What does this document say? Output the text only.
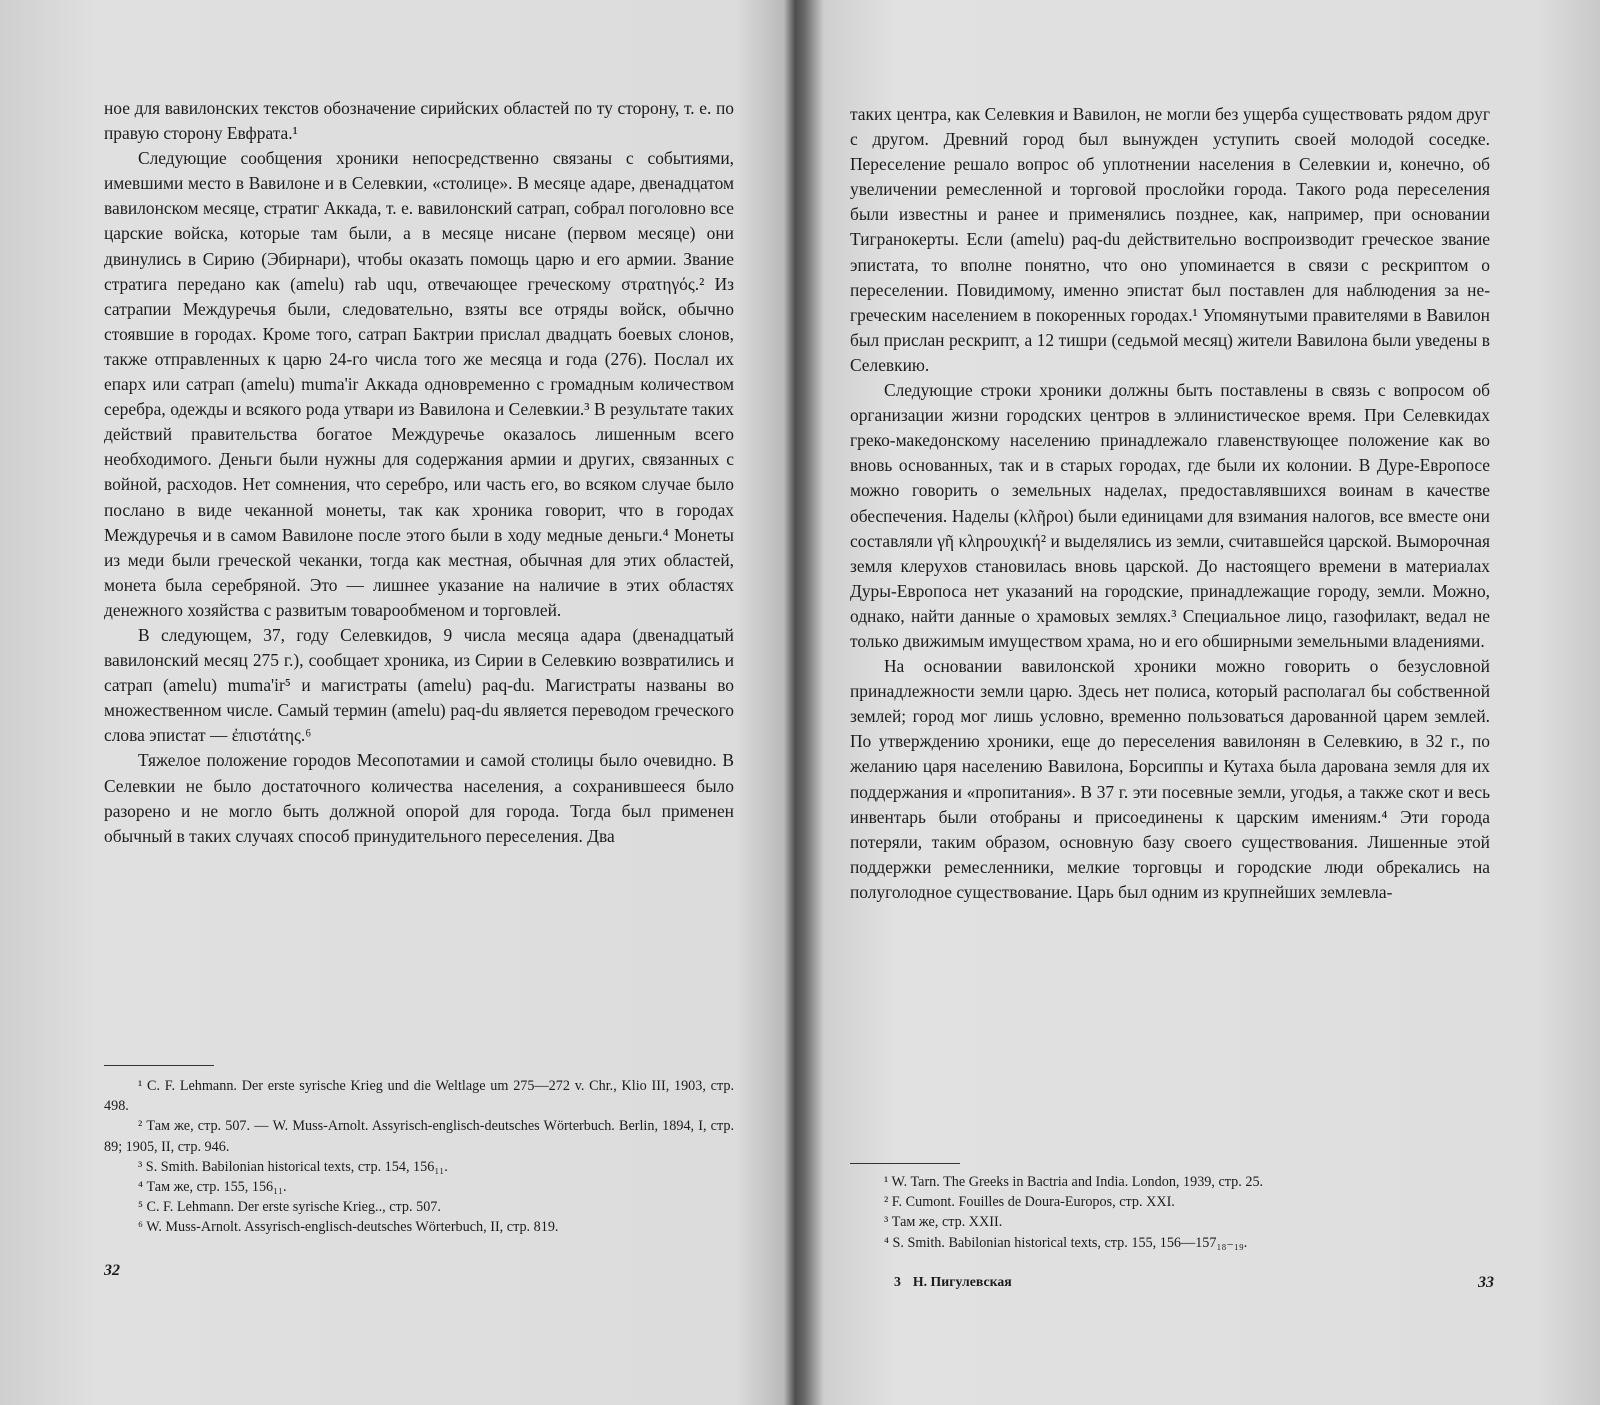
ное для вавилонских текстов обозначение сирийских областей по ту сторону, т. е. по правую сторону Евфрата.¹

Следующие сообщения хроники непосредственно связаны с событиями, имевшими место в Вавилоне и в Селевкии, «столице». В месяце адаре, двенадцатом вавилонском месяце, стратиг Аккада, т. е. вавилонский сатрап, собрал поголовно все царские войска, которые там были, а в месяце нисане (первом месяце) они двинулись в Сирию (Эбирнари), чтобы оказать помощь царю и его армии. Звание стратига передано как (amelu) rab uqu, отвечающее греческому στρατηγός.² Из сатрапии Междуречья были, следовательно, взяты все отряды войск, обычно стоявшие в городах. Кроме того, сатрап Бактрии прислал двадцать боевых слонов, также отправленных к царю 24-го числа того же месяца и года (276). Послал их епарх или сатрап (amelu) muma'ir Аккада одновременно с громадным количеством серебра, одежды и всякого рода утвари из Вавилона и Селевкии.³ В результате таких действий правительства богатое Междуречье оказалось лишенным всего необходимого. Деньги были нужны для содержания армии и других, связанных с войной, расходов. Нет сомнения, что серебро, или часть его, во всяком случае было послано в виде чеканной монеты, так как хроника говорит, что в городах Междуречья и в самом Вавилоне после этого были в ходу медные деньги.⁴ Монеты из меди были греческой чеканки, тогда как местная, обычная для этих областей, монета была серебряной. Это — лишнее указание на наличие в этих областях денежного хозяйства с развитым товарообменом и торговлей.

В следующем, 37, году Селевкидов, 9 числа месяца адара (двенадцатый вавилонский месяц 275 г.), сообщает хроника, из Сирии в Селевкию возвратились и сатрап (amelu) muma'ir⁵ и магистраты (amelu) paq-du. Магистраты названы во множественном числе. Самый термин (amelu) paq-du является переводом греческого слова эпистат — ἐπιστάτης.⁶

Тяжелое положение городов Месопотамии и самой столицы было очевидно. В Селевкии не было достаточного количества населения, а сохранившееся было разорено и не могло быть должной опорой для города. Тогда был применен обычный в таких случаях способ принудительного переселения. Два

¹ C. F. Lehmann. Der erste syrische Krieg und die Weltlage um 275—272 v. Chr., Klio III, 1903, стр. 498.

² Там же, стр. 507. — W. Muss-Arnolt. Assyrisch-englisch-deutsches Wörterbuch. Berlin, 1894, I, стр. 89; 1905, II, стр. 946.

³ S. Smith. Babilonian historical texts, стр. 154, 156₁₁.

⁴ Там же, стр. 155, 156₁₁.

⁵ C. F. Lehmann. Der erste syrische Krieg.., стр. 507.

⁶ W. Muss-Arnolt. Assyrisch-englisch-deutsches Wörterbuch, II, стр. 819.

32

таких центра, как Селевкия и Вавилон, не могли без ущерба существовать рядом друг с другом. Древний город был вынужден уступить своей молодой соседке. Переселение решало вопрос об уплотнении населения в Селевкии и, конечно, об увеличении ремесленной и торговой прослойки города. Такого рода переселения были известны и ранее и применялись позднее, как, например, при основании Тигранокерты. Если (amelu) paq-du действительно воспроизводит греческое звание эпистата, то вполне понятно, что оно упоминается в связи с рескриптом о переселении. Повидимому, именно эпистат был поставлен для наблюдения за не-греческим населением в покоренных городах.¹ Упомянутыми правителями в Вавилон был прислан рескрипт, а 12 тишри (седьмой месяц) жители Вавилона были уведены в Селевкию.

Следующие строки хроники должны быть поставлены в связь с вопросом об организации жизни городских центров в эллинистическое время. При Селевкидах греко-македонскому населению принадлежало главенствующее положение как во вновь основанных, так и в старых городах, где были их колонии. В Дуре-Европосе можно говорить о земельных наделах, предоставлявшихся воинам в качестве обеспечения. Наделы (κλῆροι) были единицами для взимания налогов, все вместе они составляли γῆ κληρουχική² и выделялись из земли, считавшейся царской. Выморочная земля клерухов становилась вновь царской. До настоящего времени в материалах Дуры-Европоса нет указаний на городские, принадлежащие городу, земли. Можно, однако, найти данные о храмовых землях.³ Специальное лицо, газофилакт, ведал не только движимым имуществом храма, но и его обширными земельными владениями.

На основании вавилонской хроники можно говорить о безусловной принадлежности земли царю. Здесь нет полиса, который располагал бы собственной землей; город мог лишь условно, временно пользоваться дарованной царем землей. По утверждению хроники, еще до переселения вавилонян в Селевкию, в 32 г., по желанию царя населению Вавилона, Борсиппы и Кутаха была дарована земля для их поддержания и «пропитания». В 37 г. эти посевные земли, угодья, а также скот и весь инвентарь были отобраны и присоединены к царским имениям.⁴ Эти города потеряли, таким образом, основную базу своего существования. Лишенные этой поддержки ремесленники, мелкие торговцы и городские люди обрекались на полуголодное существование. Царь был одним из крупнейших землевла-

¹ W. Tarn. The Greeks in Bactria and India. London, 1939, стр. 25.

² F. Cumont. Fouilles de Doura-Europos, стр. XXI.

³ Там же, стр. XXII.

⁴ S. Smith. Babilonian historical texts, стр. 155, 156—157₁₈₋₁₉.

3 Н. Пигулевская	33
